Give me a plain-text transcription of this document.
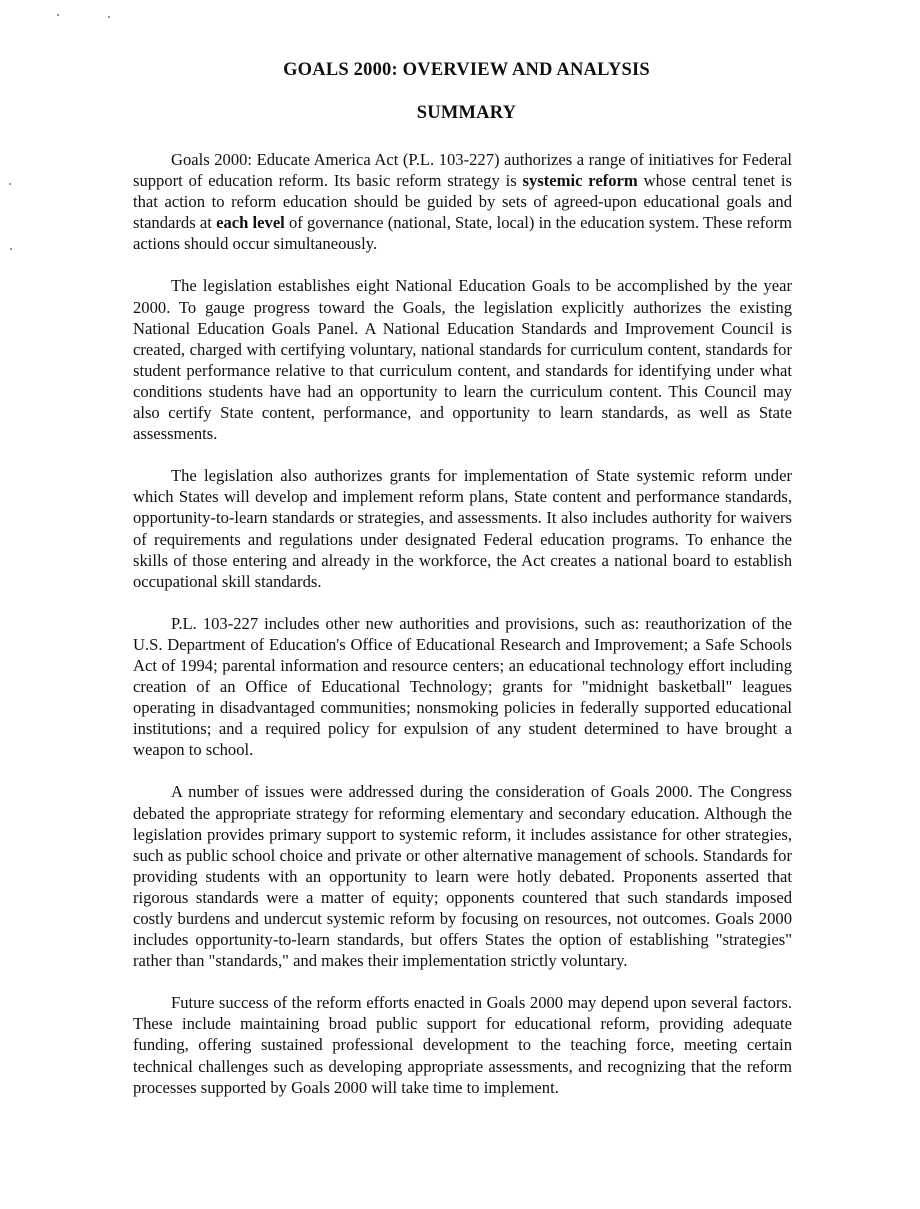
GOALS 2000: OVERVIEW AND ANALYSIS
SUMMARY

Goals 2000: Educate America Act (P.L. 103-227) authorizes a range of initiatives for Federal support of education reform. Its basic reform strategy is systemic reform whose central tenet is that action to reform education should be guided by sets of agreed-upon educational goals and standards at each level of governance (national, State, local) in the education system. These reform actions should occur simultaneously.

The legislation establishes eight National Education Goals to be accomplished by the year 2000. To gauge progress toward the Goals, the legislation explicitly authorizes the existing National Education Goals Panel. A National Education Standards and Improvement Council is created, charged with certifying voluntary, national standards for curriculum content, standards for student performance relative to that curriculum content, and standards for identifying under what conditions students have had an opportunity to learn the curriculum content. This Council may also certify State content, performance, and opportunity to learn standards, as well as State assessments.

The legislation also authorizes grants for implementation of State systemic reform under which States will develop and implement reform plans, State content and performance standards, opportunity-to-learn standards or strategies, and assessments. It also includes authority for waivers of requirements and regulations under designated Federal education programs. To enhance the skills of those entering and already in the workforce, the Act creates a national board to establish occupational skill standards.

P.L. 103-227 includes other new authorities and provisions, such as: reauthorization of the U.S. Department of Education's Office of Educational Research and Improvement; a Safe Schools Act of 1994; parental information and resource centers; an educational technology effort including creation of an Office of Educational Technology; grants for "midnight basketball" leagues operating in disadvantaged communities; nonsmoking policies in federally supported educational institutions; and a required policy for expulsion of any student determined to have brought a weapon to school.

A number of issues were addressed during the consideration of Goals 2000. The Congress debated the appropriate strategy for reforming elementary and secondary education. Although the legislation provides primary support to systemic reform, it includes assistance for other strategies, such as public school choice and private or other alternative management of schools. Standards for providing students with an opportunity to learn were hotly debated. Proponents asserted that rigorous standards were a matter of equity; opponents countered that such standards imposed costly burdens and undercut systemic reform by focusing on resources, not outcomes. Goals 2000 includes opportunity-to-learn standards, but offers States the option of establishing "strategies" rather than "standards," and makes their implementation strictly voluntary.

Future success of the reform efforts enacted in Goals 2000 may depend upon several factors. These include maintaining broad public support for educational reform, providing adequate funding, offering sustained professional development to the teaching force, meeting certain technical challenges such as developing appropriate assessments, and recognizing that the reform processes supported by Goals 2000 will take time to implement.
